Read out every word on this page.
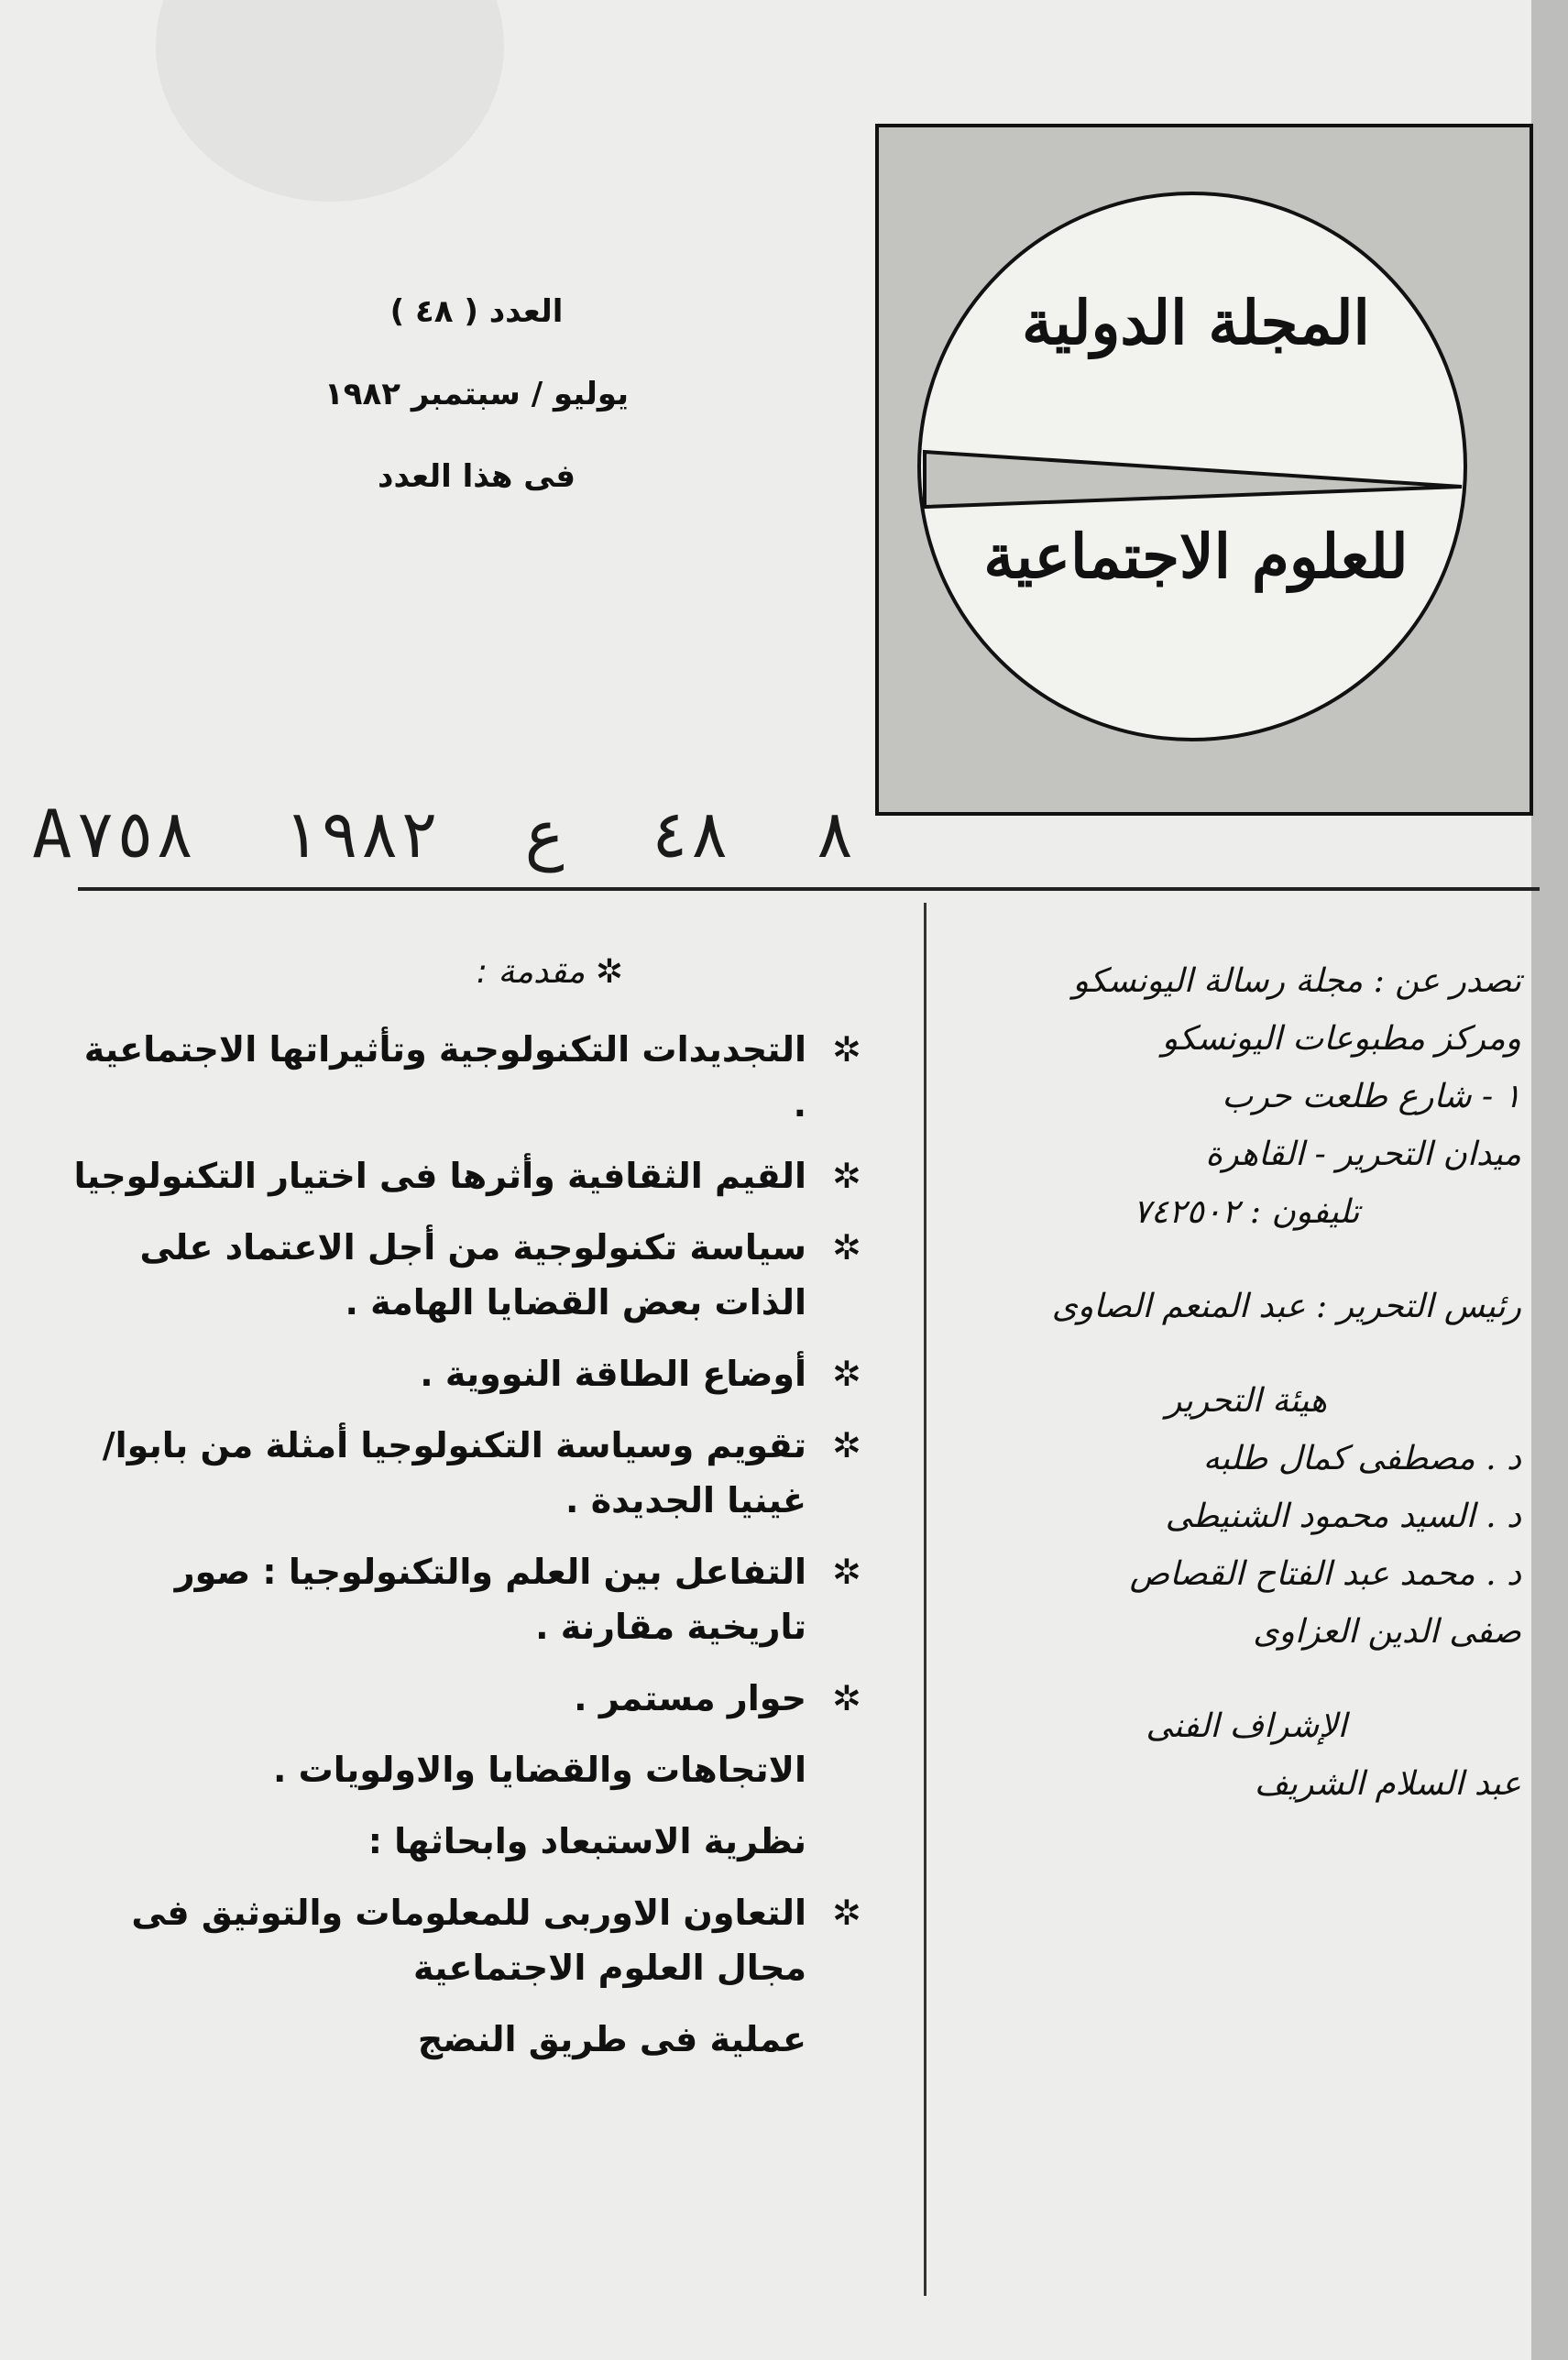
المجلة الدولية
للعلوم الاجتماعية
العدد ( ٤٨ )
يوليو / سبتمبر ١٩٨٢
فى هذا العدد
A٨ ٤٨ ع ١٩٨٢ ٧٥٨
✲ مقدمة :
✲
التجديدات التكنولوجية وتأثيراتها الاجتماعية .
✲
القيم الثقافية وأثرها فى اختيار التكنولوجيا
✲
سياسة تكنولوجية من أجل الاعتماد على الذات بعض القضايا الهامة .
✲
أوضاع الطاقة النووية .
✲
تقويم وسياسة التكنولوجيا أمثلة من بابوا/ غينيا الجديدة .
✲
التفاعل بين العلم والتكنولوجيا : صور تاريخية مقارنة .
✲
حوار مستمر .
الاتجاهات والقضايا والاولويات .
نظرية الاستبعاد وابحاثها :
✲
التعاون الاوربى للمعلومات والتوثيق فى مجال العلوم الاجتماعية
عملية فى طريق النضج
تصدر عن : مجلة رسالة اليونسكو
ومركز مطبوعات اليونسكو
١ - شارع طلعت حرب
ميدان التحرير - القاهرة
تليفون : ٧٤٢٥٠٢
رئيس التحرير : عبد المنعم الصاوى
هيئة التحرير
د . مصطفى كمال طلبه
د . السيد محمود الشنيطى
د . محمد عبد الفتاح القصاص
صفى الدين العزاوى
الإشراف الفنى
عبد السلام الشريف
